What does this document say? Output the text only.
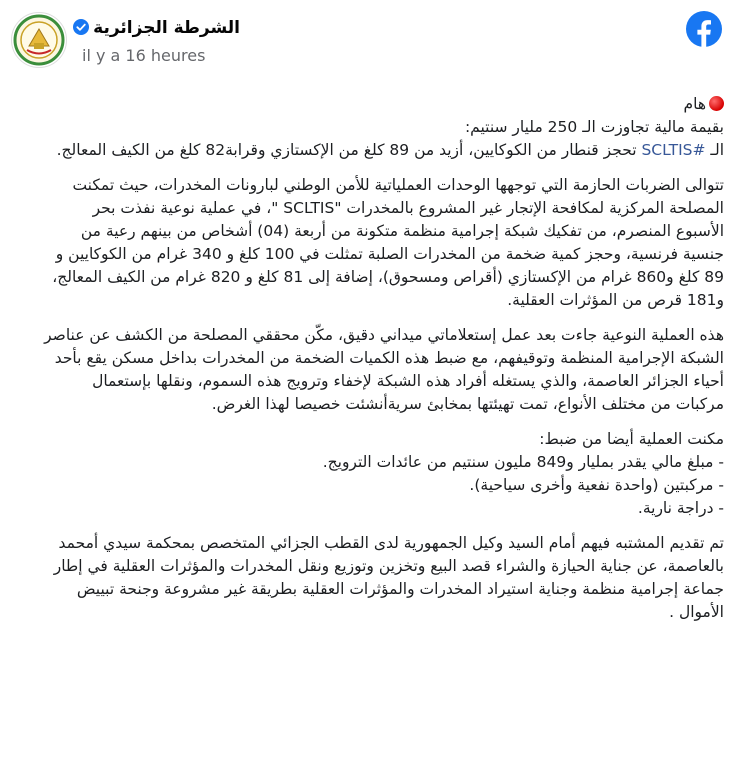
الشرطة الجزائرية
il y a 16 heures

هام

بقيمة مالية تجاوزت الـ 250 مليار سنتيم:

الـ #SCLTIS تحجز قنطار من الكوكايين، أزيد من 89 كلغ من الإكستازي وقرابة82 كلغ من الكيف المعالج.

تتوالى الضربات الحازمة التي توجهها الوحدات العملياتية للأمن الوطني لبارونات المخدرات، حيث تمكنت المصلحة المركزية لمكافحة الإتجار غير المشروع بالمخدرات "SCLTIS "، في عملية نوعية نفذت بحر الأسبوع المنصرم، من تفكيك شبكة إجرامية منظمة متكونة من أربعة (04) أشخاص من بينهم رعية من جنسية فرنسية، وحجز كمية ضخمة من المخدرات الصلبة تمثلت في 100 كلغ و 340 غرام من الكوكايين و 89 كلغ و860 غرام من الإكستازي (أقراص ومسحوق)، إضافة إلى 81 كلغ و 820 غرام من الكيف المعالج، و181 قرص من المؤثرات العقلية.

هذه العملية النوعية جاءت بعد عمل إستعلاماتي ميداني دقيق، مكّن محققي المصلحة من الكشف عن عناصر الشبكة الإجرامية المنظمة وتوقيفهم، مع ضبط هذه الكميات الضخمة من المخدرات بداخل مسكن يقع بأحد أحياء الجزائر العاصمة، والذي يستغله أفراد هذه الشبكة لإخفاء وترويج هذه السموم، ونقلها بإستعمال مركبات من مختلف الأنواع، تمت تهيئتها بمخابئ سرية‌أنشئت خصيصا لهذا الغرض.

مكنت العملية أيضا من ضبط:

- مبلغ مالي يقدر بمليار و849 مليون سنتيم من عائدات الترويج.

- مركبتين (واحدة نفعية وأخرى سياحية).

- دراجة نارية.

تم تقديم المشتبه فيهم أمام السيد وكيل الجمهورية لدى القطب الجزائي المتخصص بمحكمة سيدي أمحمد بالعاصمة، عن جناية الحيازة والشراء قصد البيع وتخزين وتوزيع ونقل المخدرات والمؤثرات العقلية في إطار جماعة إجرامية منظمة وجناية استيراد المخدرات والمؤثرات العقلية بطريقة غير مشروعة وجنحة تبييض الأموال .
